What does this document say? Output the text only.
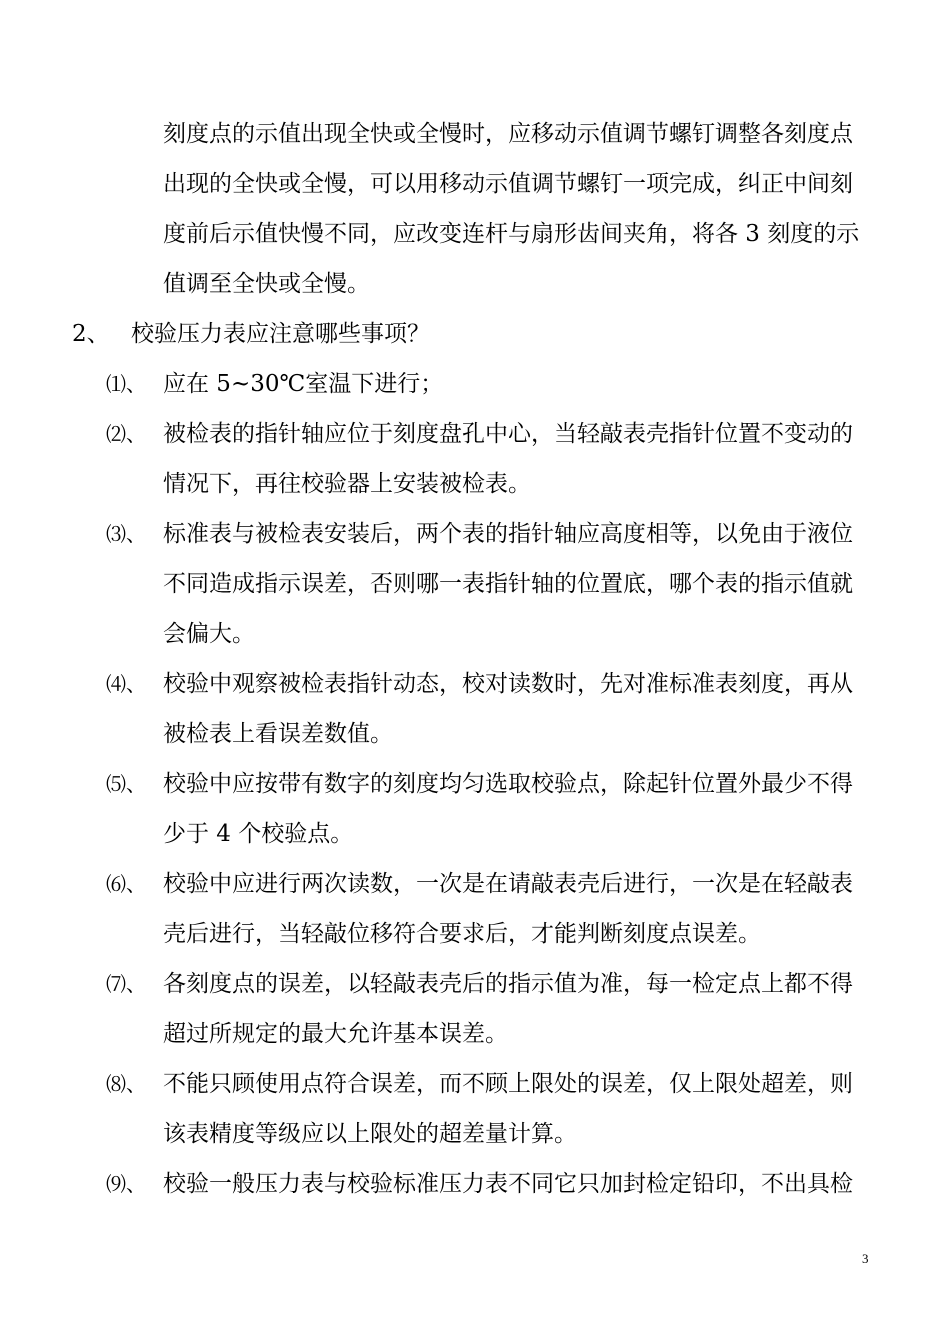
刻度点的示值出现全快或全慢时，应移动示值调节螺钉调整各刻度点
出现的全快或全慢，可以用移动示值调节螺钉一项完成，纠正中间刻
度前后示值快慢不同，应改变连杆与扇形齿间夹角，将各 3 刻度的示
值调至全快或全慢。
2、 校验压力表应注意哪些事项？
⑴、 应在 5~30℃室温下进行；
⑵、 被检表的指针轴应位于刻度盘孔中心，当轻敲表壳指针位置不变动的
情况下，再往校验器上安装被检表。
⑶、 标准表与被检表安装后，两个表的指针轴应高度相等，以免由于液位
不同造成指示误差，否则哪一表指针轴的位置底，哪个表的指示值就
会偏大。
⑷、 校验中观察被检表指针动态，校对读数时，先对准标准表刻度，再从
被检表上看误差数值。
⑸、 校验中应按带有数字的刻度均匀选取校验点，除起针位置外最少不得
少于 4 个校验点。
⑹、 校验中应进行两次读数，一次是在请敲表壳后进行，一次是在轻敲表
壳后进行，当轻敲位移符合要求后，才能判断刻度点误差。
⑺、 各刻度点的误差，以轻敲表壳后的指示值为准，每一检定点上都不得
超过所规定的最大允许基本误差。
⑻、 不能只顾使用点符合误差，而不顾上限处的误差，仅上限处超差，则
该表精度等级应以上限处的超差量计算。
⑼、 校验一般压力表与校验标准压力表不同它只加封检定铅印，不出具检
3
